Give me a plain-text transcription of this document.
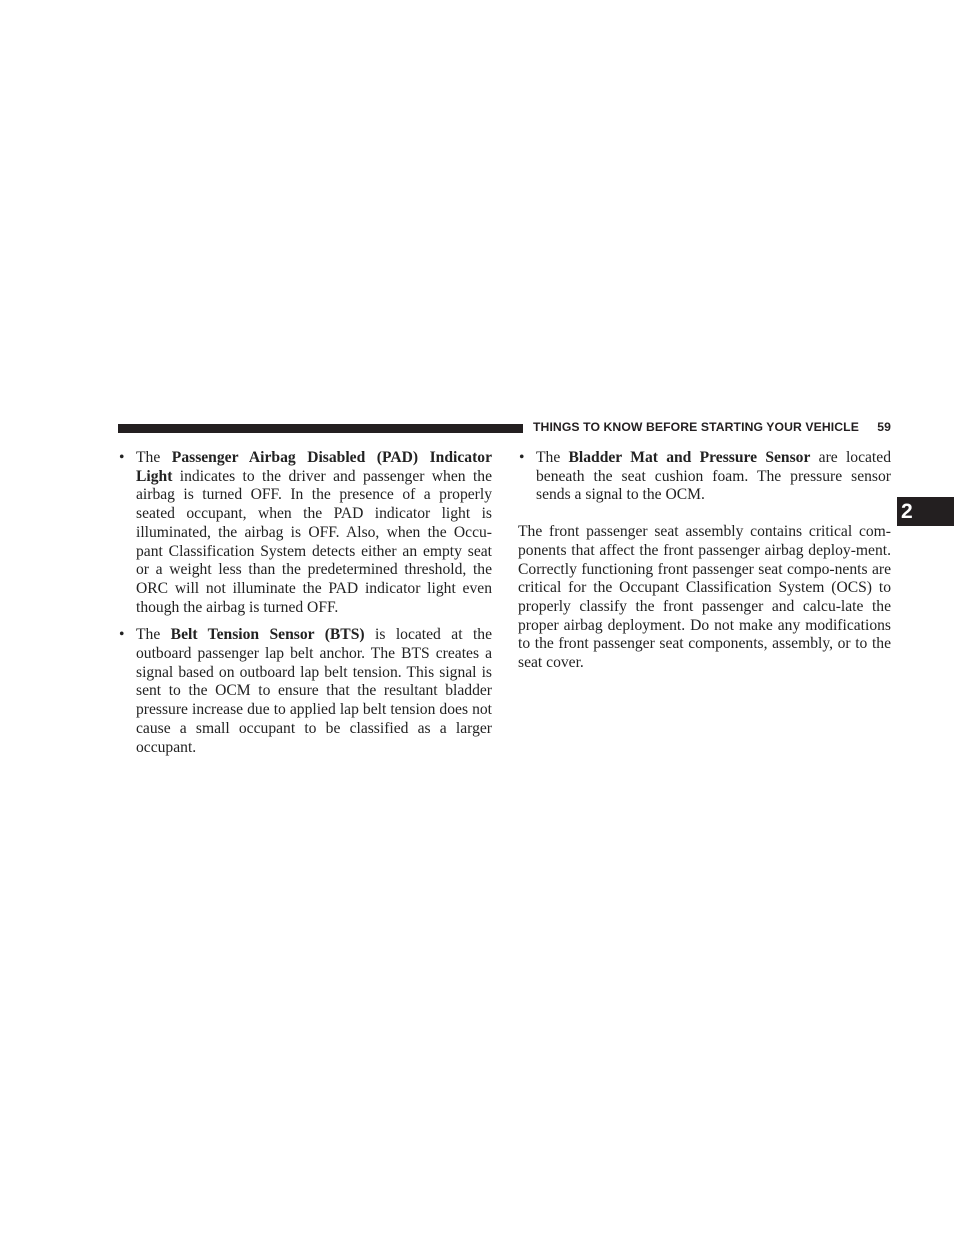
THINGS TO KNOW BEFORE STARTING YOUR VEHICLE 59
2
• The Passenger Airbag Disabled (PAD) Indicator Light indicates to the driver and passenger when the airbag is turned OFF. In the presence of a properly seated occupant, when the PAD indicator light is illuminated, the airbag is OFF. Also, when the Occu-pant Classification System detects either an empty seat or a weight less than the predetermined threshold, the ORC will not illuminate the PAD indicator light even though the airbag is turned OFF.
• The Belt Tension Sensor (BTS) is located at the outboard passenger lap belt anchor. The BTS creates a signal based on outboard lap belt tension. This signal is sent to the OCM to ensure that the resultant bladder pressure increase due to applied lap belt tension does not cause a small occupant to be classified as a larger occupant.
• The Bladder Mat and Pressure Sensor are located beneath the seat cushion foam. The pressure sensor sends a signal to the OCM.

The front passenger seat assembly contains critical com-ponents that affect the front passenger airbag deploy-ment. Correctly functioning front passenger seat compo-nents are critical for the Occupant Classification System (OCS) to properly classify the front passenger and calcu-late the proper airbag deployment. Do not make any modifications to the front passenger seat components, assembly, or to the seat cover.
